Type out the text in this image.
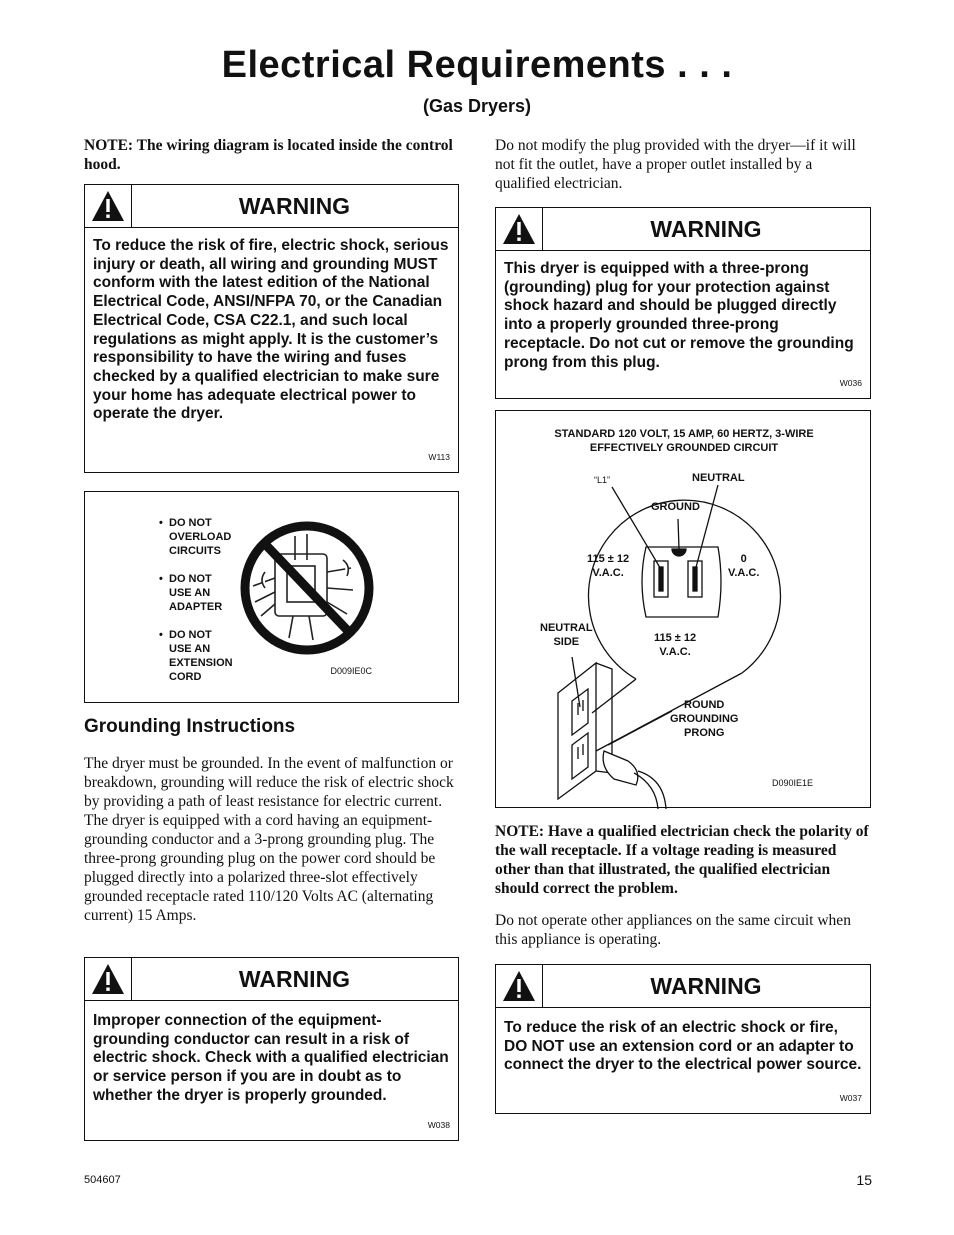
Electrical Requirements . . .
(Gas Dryers)
NOTE: The wiring diagram is located inside the control hood.
WARNING
To reduce the risk of fire, electric shock, serious injury or death, all wiring and grounding MUST conform with the latest edition of the National Electrical Code, ANSI/NFPA 70, or the Canadian Electrical Code, CSA C22.1, and such local regulations as might apply. It is the customer’s responsibility to have the wiring and fuses checked by a qualified electrician to make sure your home has adequate electrical power to operate the dryer.
W113
• DO NOT
OVERLOAD
CIRCUITS
• DO NOT
USE AN
ADAPTER
• DO NOT
USE AN
EXTENSION
CORD	D009IE0C
Grounding Instructions
The dryer must be grounded. In the event of malfunction or breakdown, grounding will reduce the risk of electric shock by providing a path of least resistance for electric current. The dryer is equipped with a cord having an equipment-grounding conductor and a 3-prong grounding plug. The three-prong grounding plug on the power cord should be plugged directly into a polarized three-slot effectively grounded receptacle rated 110/120 Volts AC (alternating current) 15 Amps.
WARNING
Improper connection of the equipment-grounding conductor can result in a risk of electric shock. Check with a qualified electrician or service person if you are in doubt as to whether the dryer is properly grounded.
W038
Do not modify the plug provided with the dryer—if it will not fit the outlet, have a proper outlet installed by a qualified electrician.
WARNING
This dryer is equipped with a three-prong (grounding) plug for your protection against shock hazard and should be plugged directly into a properly grounded three-prong receptacle. Do not cut or remove the grounding prong from this plug.
W036
STANDARD 120 VOLT, 15 AMP, 60 HERTZ, 3-WIRE
EFFECTIVELY GROUNDED CIRCUIT
“L1”	NEUTRAL
GROUND
115 ± 12
V.A.C.
0
V.A.C.
115 ± 12
V.A.C.
NEUTRAL
SIDE
ROUND
GROUNDING
PRONG
D090IE1E
NOTE: Have a qualified electrician check the polarity of the wall receptacle. If a voltage reading is measured other than that illustrated, the qualified electrician should correct the problem.
Do not operate other appliances on the same circuit when this appliance is operating.
WARNING
To reduce the risk of an electric shock or fire, DO NOT use an extension cord or an adapter to connect the dryer to the electrical power source.
W037
504607	15
